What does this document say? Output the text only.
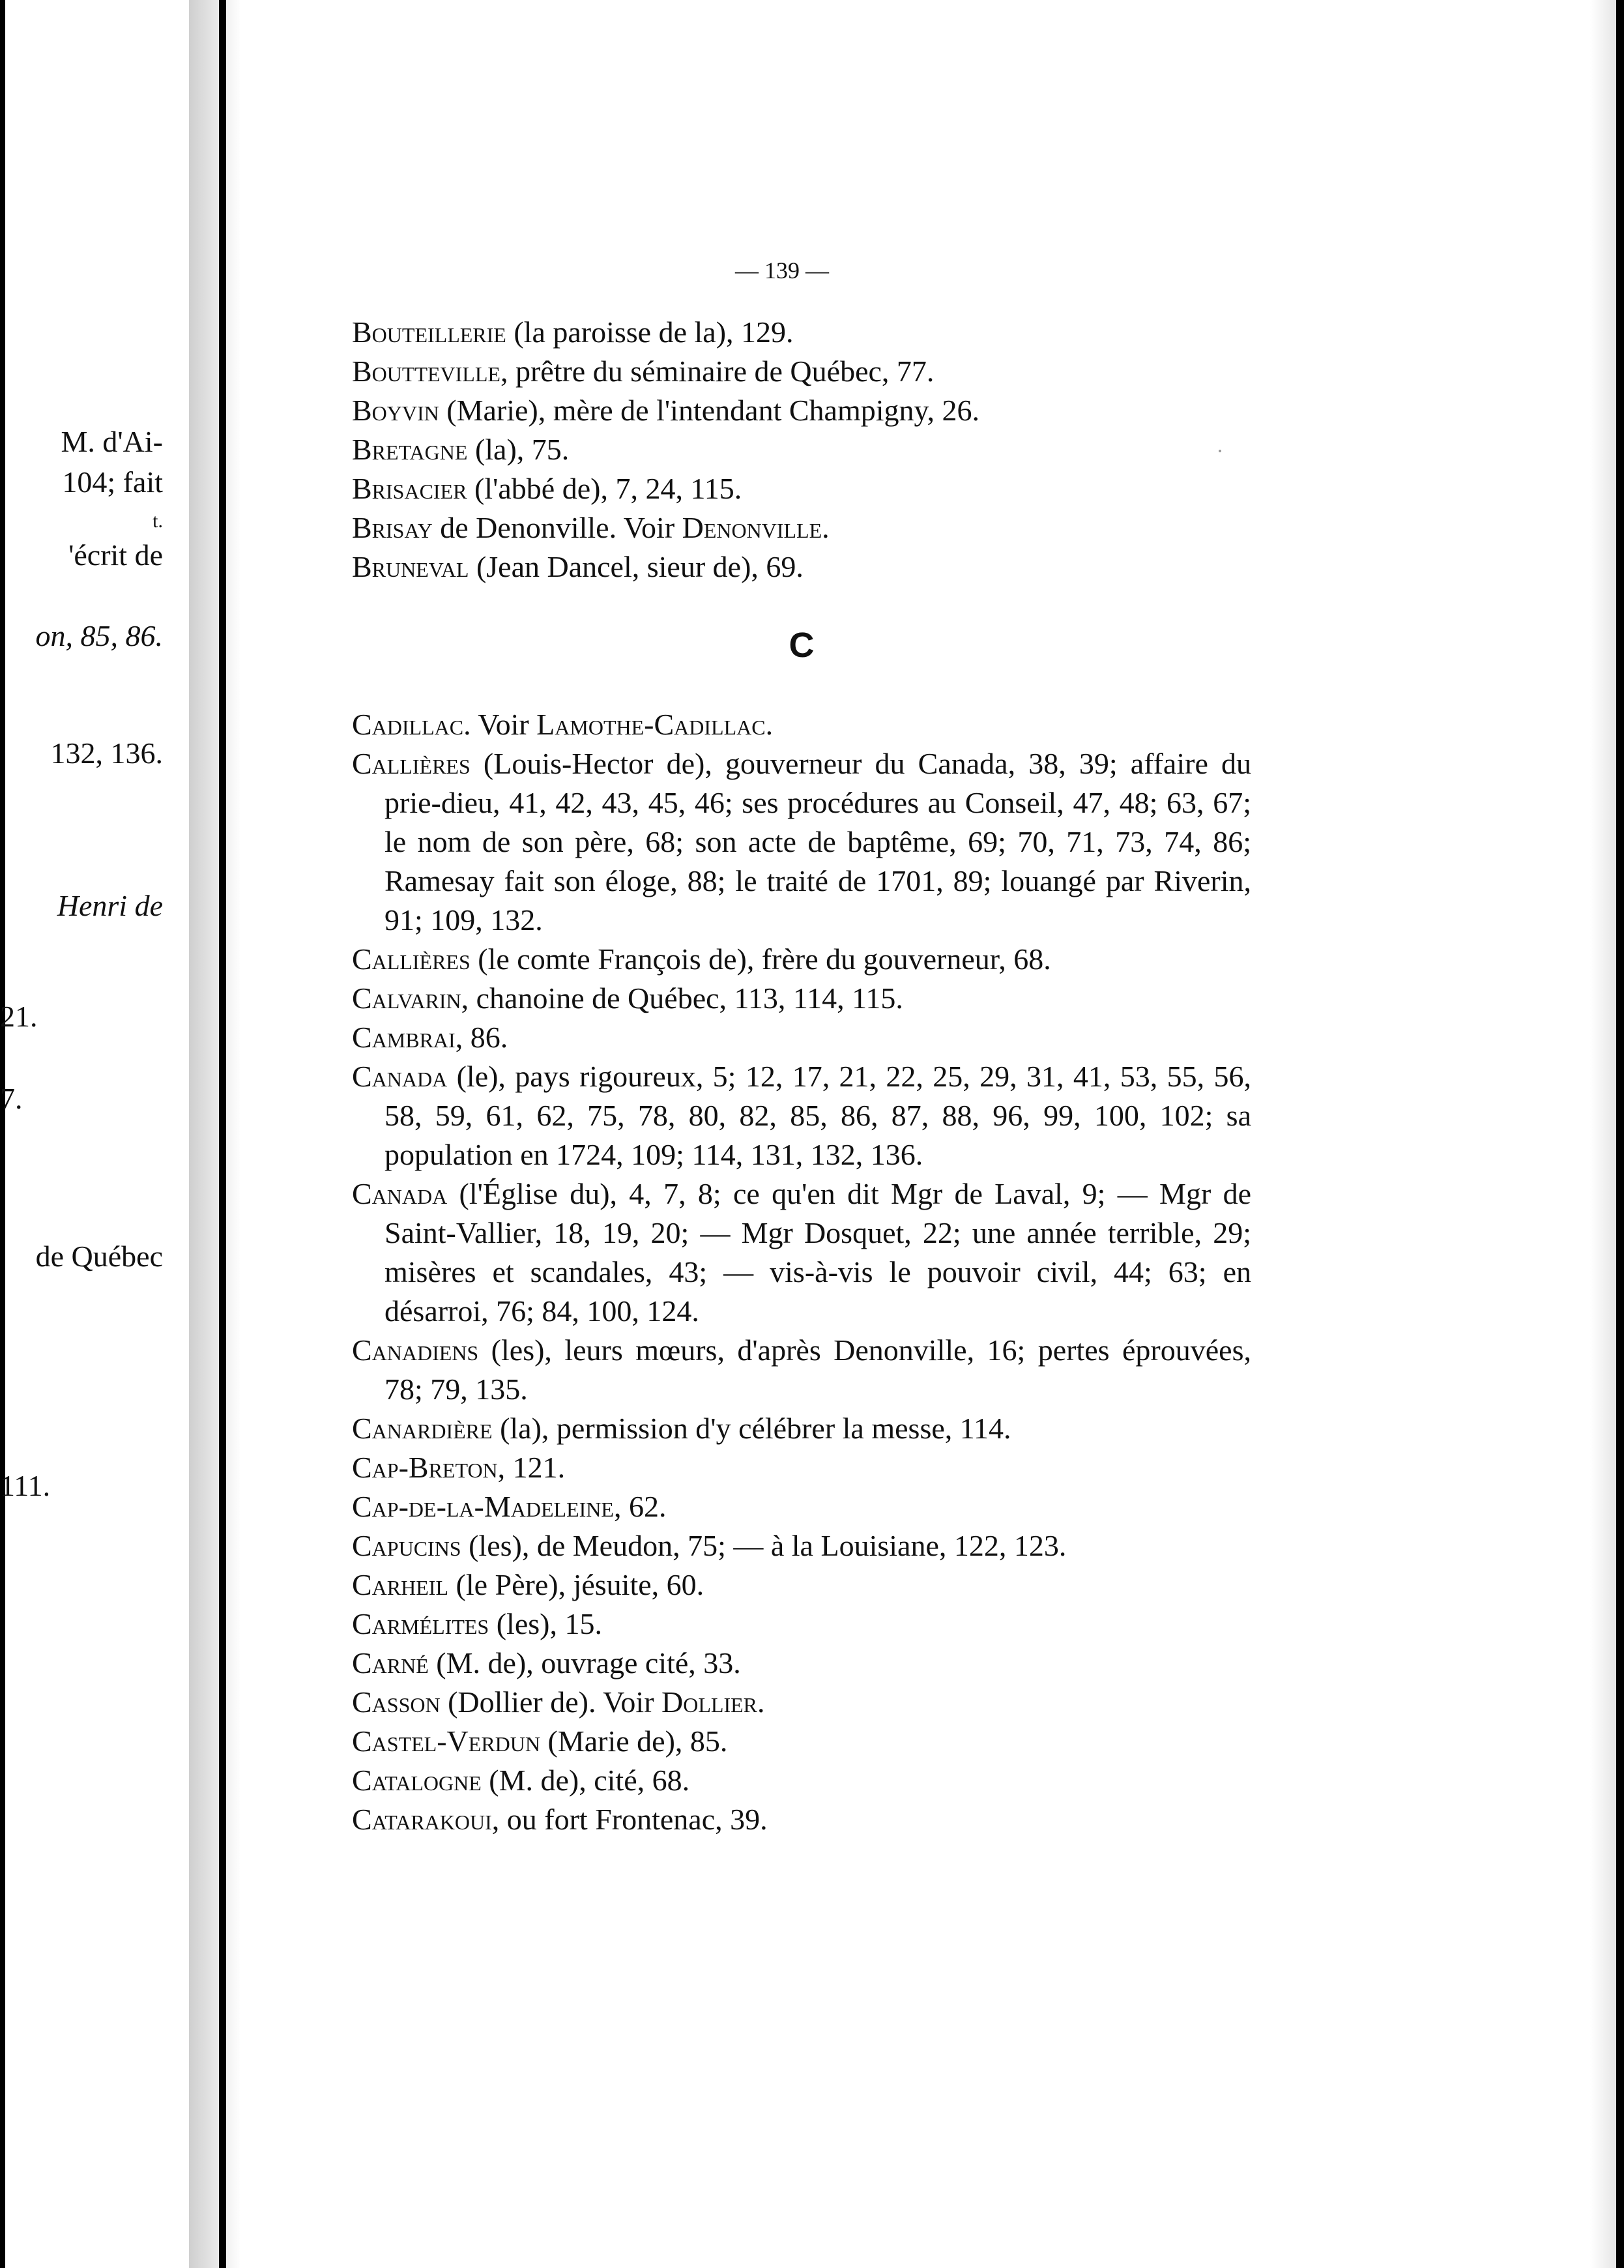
M. d'Ai-
104; fait
t.
'écrit de
on, 85, 86.
132, 136.
Henri de
21.
7.
de Québec
111.
— 139 —
Bouteillerie (la paroisse de la), 129.
Boutteville, prêtre du séminaire de Québec, 77.
Boyvin (Marie), mère de l'intendant Champigny, 26.
Bretagne (la), 75.
Brisacier (l'abbé de), 7, 24, 115.
Brisay de Denonville. Voir Denonville.
Bruneval (Jean Dancel, sieur de), 69.
C
Cadillac. Voir Lamothe-Cadillac.
Callières (Louis-Hector de), gouverneur du Canada, 38, 39; affaire du prie-dieu, 41, 42, 43, 45, 46; ses procédures au Conseil, 47, 48; 63, 67; le nom de son père, 68; son acte de baptême, 69; 70, 71, 73, 74, 86; Ramesay fait son éloge, 88; le traité de 1701, 89; louangé par Riverin, 91; 109, 132.
Callières (le comte François de), frère du gouverneur, 68.
Calvarin, chanoine de Québec, 113, 114, 115.
Cambrai, 86.
Canada (le), pays rigoureux, 5; 12, 17, 21, 22, 25, 29, 31, 41, 53, 55, 56, 58, 59, 61, 62, 75, 78, 80, 82, 85, 86, 87, 88, 96, 99, 100, 102; sa population en 1724, 109; 114, 131, 132, 136.
Canada (l'Église du), 4, 7, 8; ce qu'en dit Mgr de Laval, 9; — Mgr de Saint-Vallier, 18, 19, 20; — Mgr Dosquet, 22; une année terrible, 29; misères et scandales, 43; — vis-à-vis le pouvoir civil, 44; 63; en désarroi, 76; 84, 100, 124.
Canadiens (les), leurs mœurs, d'après Denonville, 16; pertes éprouvées, 78; 79, 135.
Canardière (la), permission d'y célébrer la messe, 114.
Cap-Breton, 121.
Cap-de-la-Madeleine, 62.
Capucins (les), de Meudon, 75; — à la Louisiane, 122, 123.
Carheil (le Père), jésuite, 60.
Carmélites (les), 15.
Carné (M. de), ouvrage cité, 33.
Casson (Dollier de). Voir Dollier.
Castel-Verdun (Marie de), 85.
Catalogne (M. de), cité, 68.
Catarakoui, ou fort Frontenac, 39.
